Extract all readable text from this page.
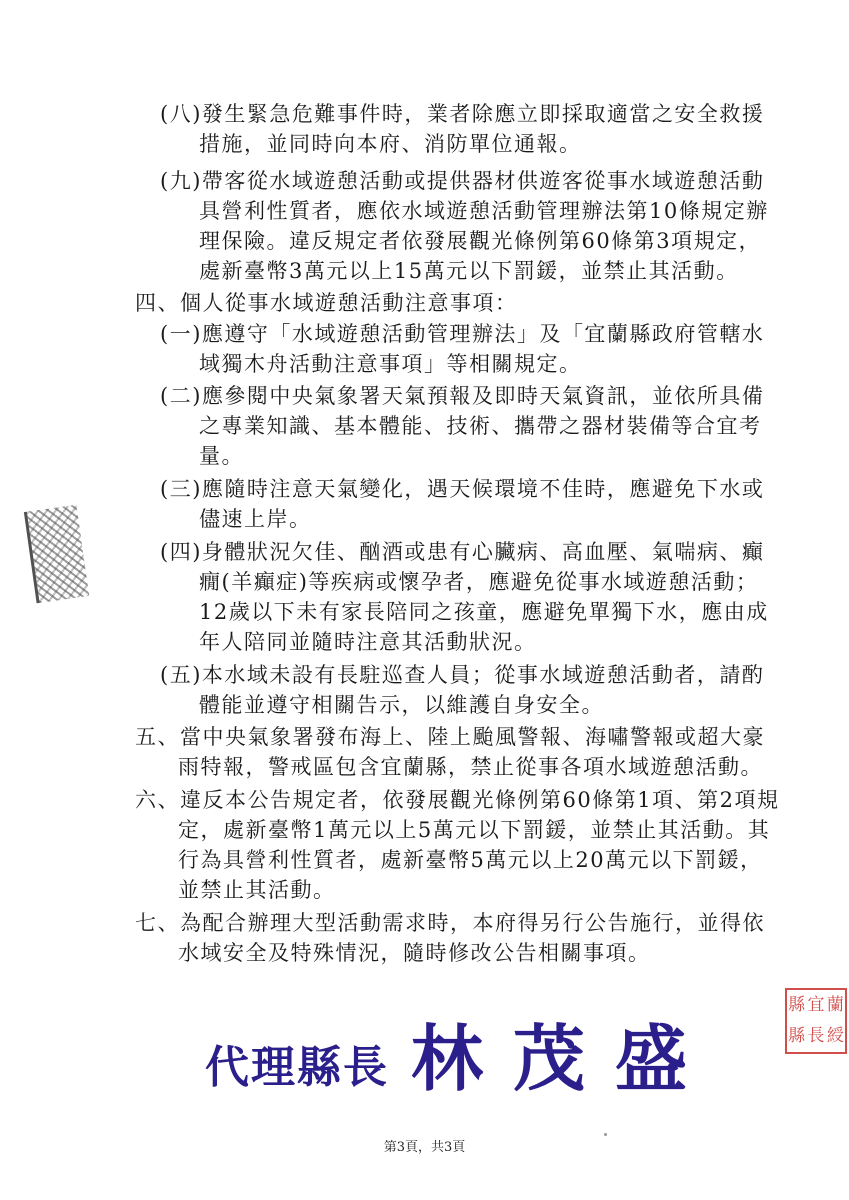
(八)發生緊急危難事件時，業者除應立即採取適當之安全救援
措施，並同時向本府、消防單位通報。
(九)帶客從水域遊憩活動或提供器材供遊客從事水域遊憩活動
具營利性質者，應依水域遊憩活動管理辦法第10條規定辦
理保險。違反規定者依發展觀光條例第60條第3項規定，
處新臺幣3萬元以上15萬元以下罰鍰，並禁止其活動。
四、個人從事水域遊憩活動注意事項：
(一)應遵守「水域遊憩活動管理辦法」及「宜蘭縣政府管轄水
域獨木舟活動注意事項」等相關規定。
(二)應參閱中央氣象署天氣預報及即時天氣資訊，並依所具備
之專業知識、基本體能、技術、攜帶之器材裝備等合宜考
量。
(三)應隨時注意天氣變化，遇天候環境不佳時，應避免下水或
儘速上岸。
(四)身體狀況欠佳、酗酒或患有心臟病、高血壓、氣喘病、癲
癇(羊癲症)等疾病或懷孕者，應避免從事水域遊憩活動；
12歲以下未有家長陪同之孩童，應避免單獨下水，應由成
年人陪同並隨時注意其活動狀況。
(五)本水域未設有長駐巡查人員；從事水域遊憩活動者，請酌
體能並遵守相關告示，以維護自身安全。
五、當中央氣象署發布海上、陸上颱風警報、海嘯警報或超大豪
雨特報，警戒區包含宜蘭縣，禁止從事各項水域遊憩活動。
六、違反本公告規定者，依發展觀光條例第60條第1項、第2項規
定，處新臺幣1萬元以上5萬元以下罰鍰，並禁止其活動。其
行為具營利性質者，處新臺幣5萬元以上20萬元以下罰鍰，
並禁止其活動。
七、為配合辦理大型活動需求時，本府得另行公告施行，並得依
水域安全及特殊情況，隨時修改公告相關事項。
縣 宜 蘭
縣 長 綬
代理縣長 林茂盛
第3頁，共3頁
